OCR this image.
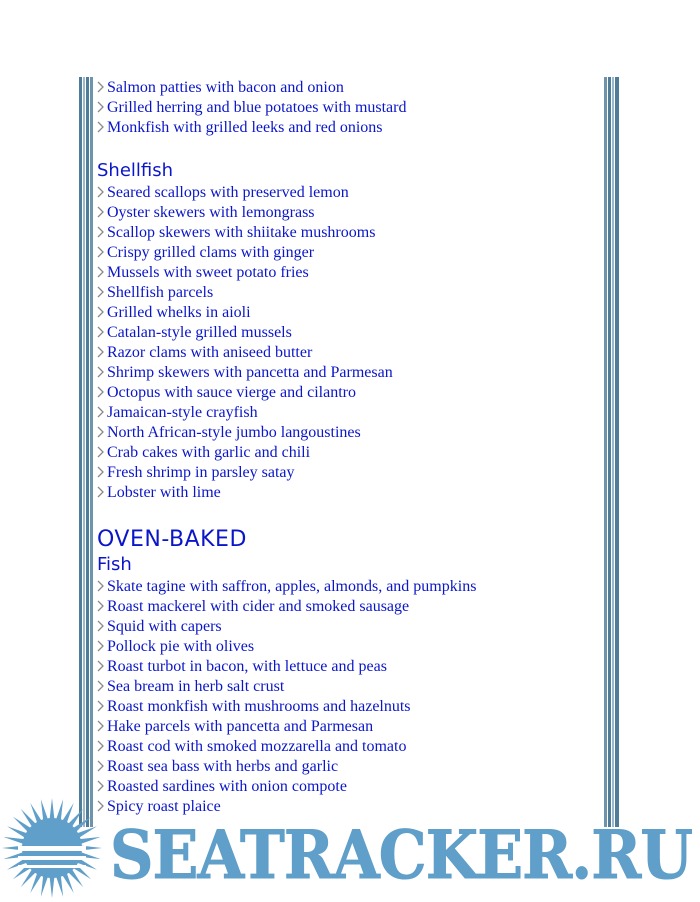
Salmon patties with bacon and onion
Grilled herring and blue potatoes with mustard
Monkfish with grilled leeks and red onions
Shellfish
Seared scallops with preserved lemon
Oyster skewers with lemongrass
Scallop skewers with shiitake mushrooms
Crispy grilled clams with ginger
Mussels with sweet potato fries
Shellfish parcels
Grilled whelks in aioli
Catalan-style grilled mussels
Razor clams with aniseed butter
Shrimp skewers with pancetta and Parmesan
Octopus with sauce vierge and cilantro
Jamaican-style crayfish
North African-style jumbo langoustines
Crab cakes with garlic and chili
Fresh shrimp in parsley satay
Lobster with lime
OVEN-BAKED
Fish
Skate tagine with saffron, apples, almonds, and pumpkins
Roast mackerel with cider and smoked sausage
Squid with capers
Pollock pie with olives
Roast turbot in bacon, with lettuce and peas
Sea bream in herb salt crust
Roast monkfish with mushrooms and hazelnuts
Hake parcels with pancetta and Parmesan
Roast cod with smoked mozzarella and tomato
Roast sea bass with herbs and garlic
Roasted sardines with onion compote
Spicy roast plaice
SEATRACKER.RU
